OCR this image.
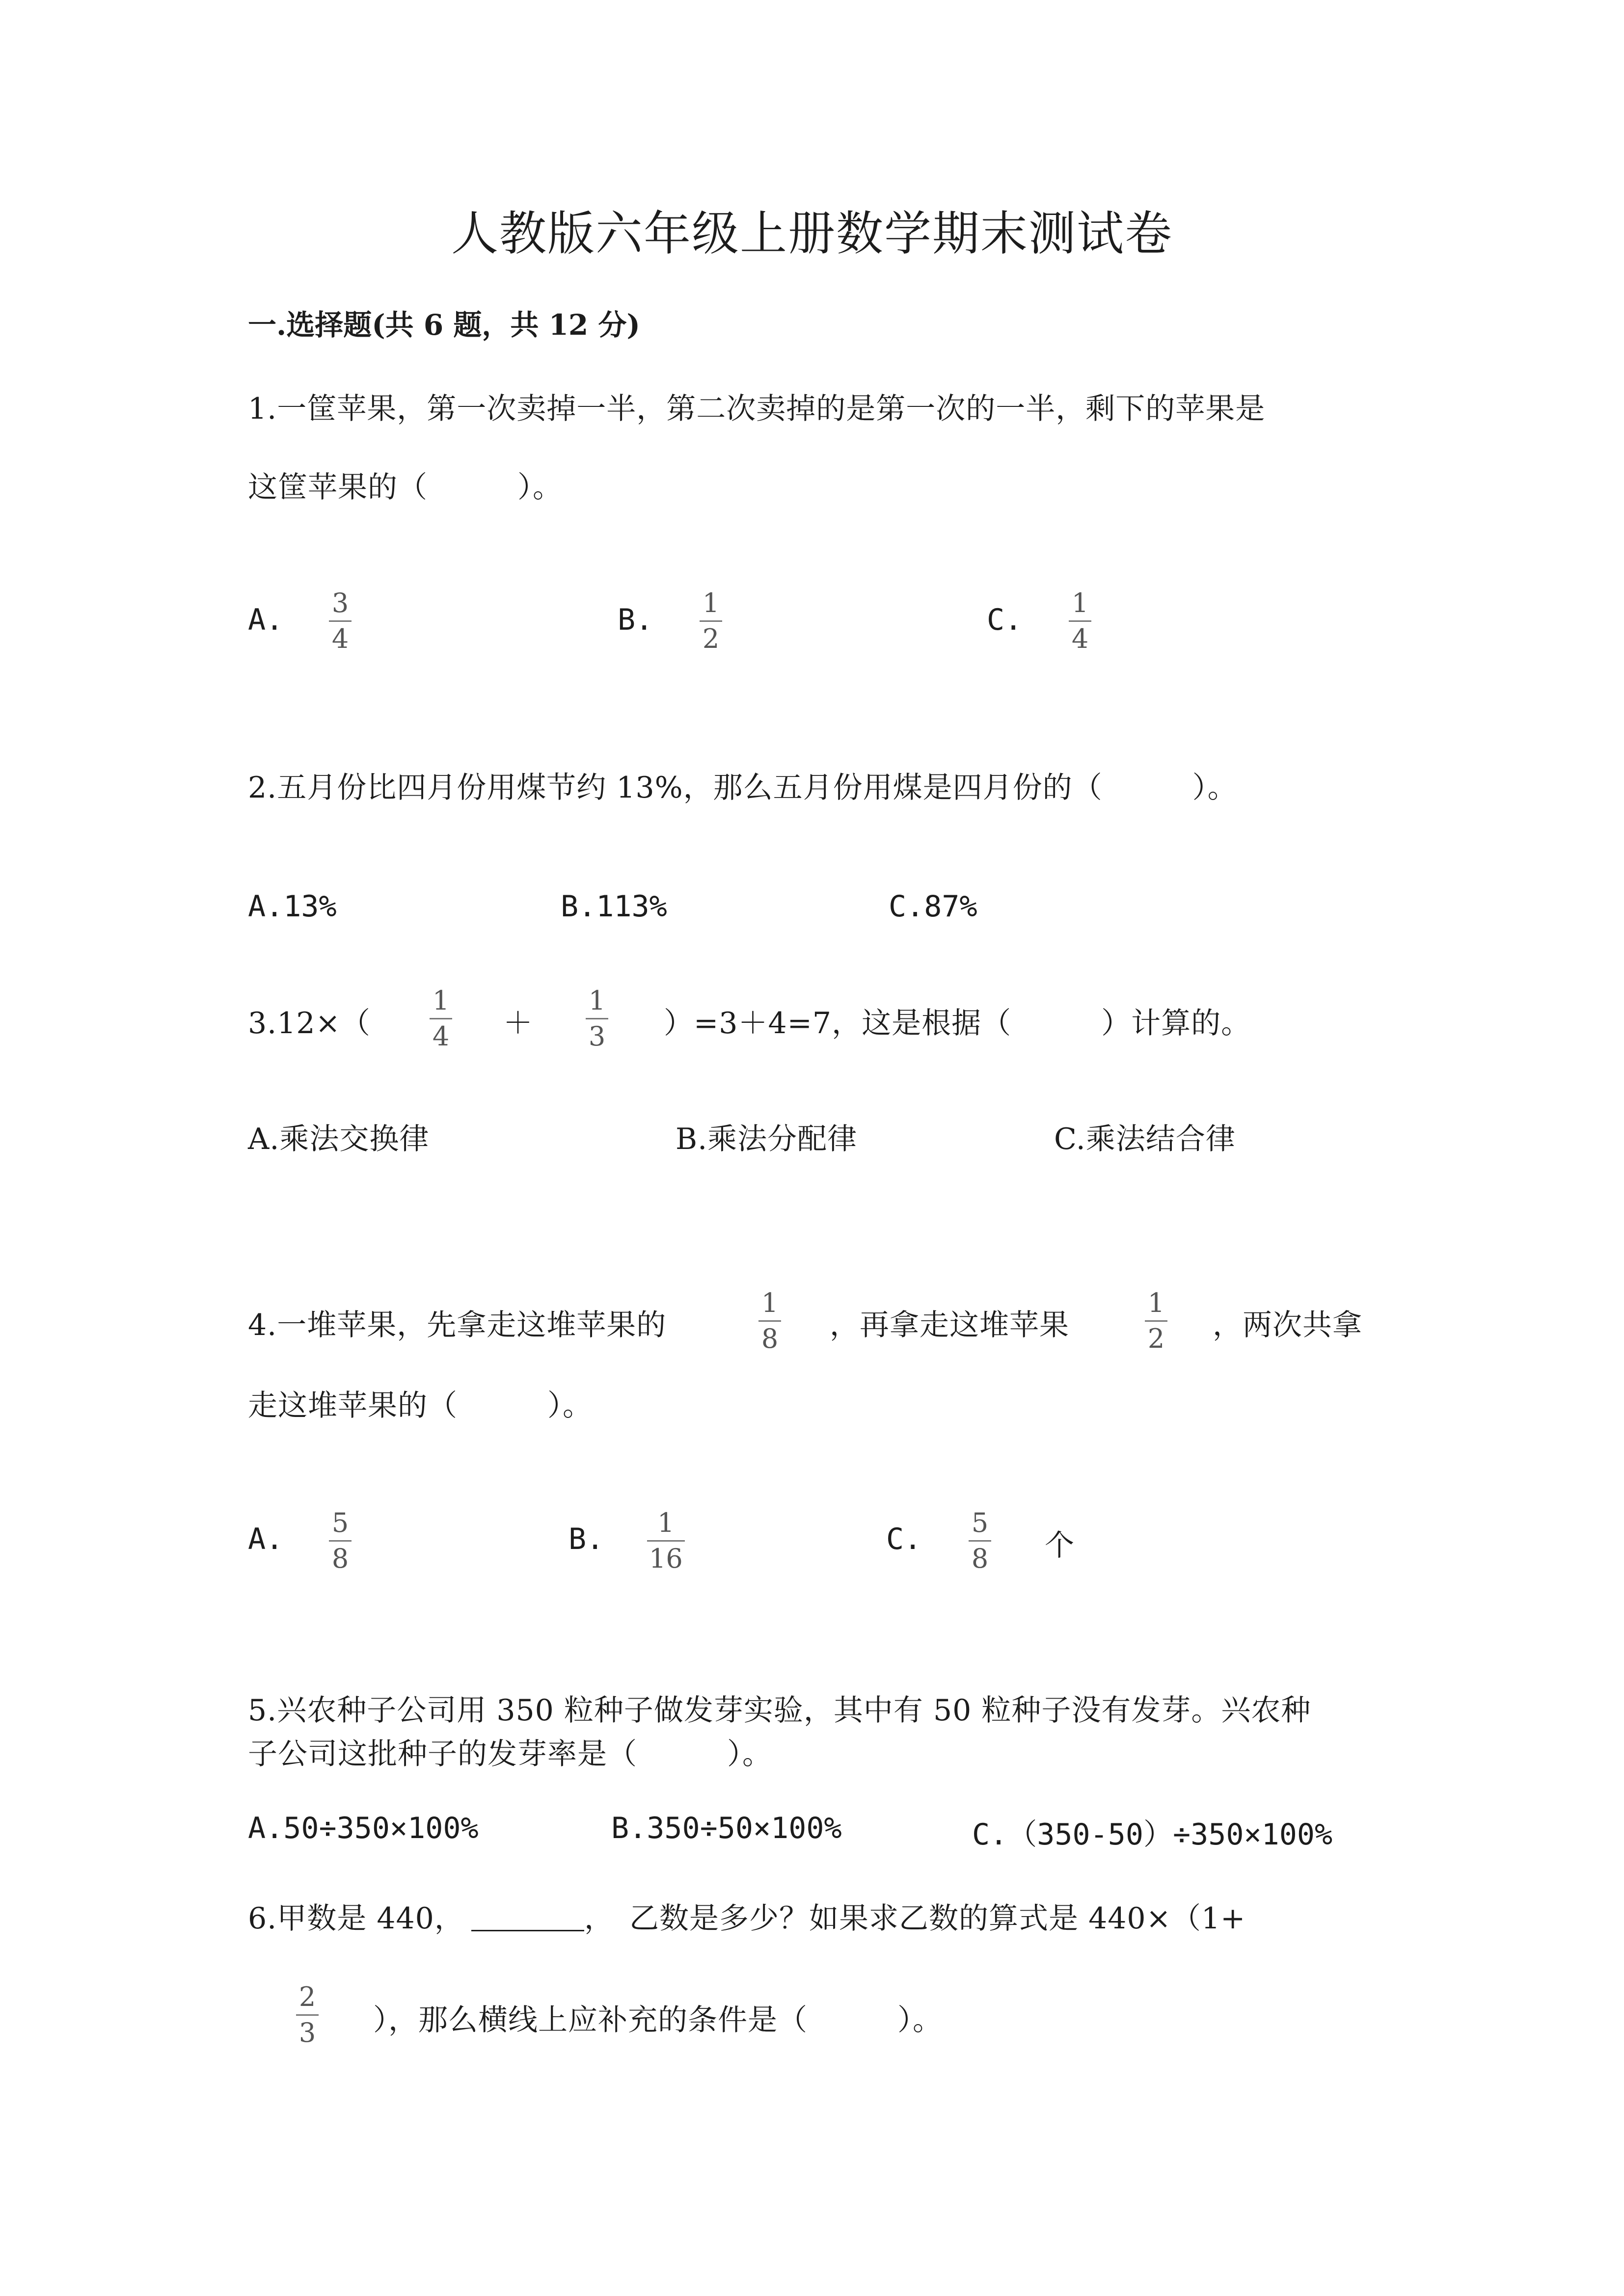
人教版六年级上册数学期末测试卷
一.选择题(共 6 题，共 12 分)
1.一筐苹果，第一次卖掉一半，第二次卖掉的是第一次的一半，剩下的苹果是
这筐苹果的（　　　）。
A. 3
4
B. 1
2
C. 1
4
2.五月份比四月份用煤节约 13%，那么五月份用煤是四月份的（　　　）。
A.13%	B.113%	C.87%
3.12×（
1
4 ＋
1
3 ）=3＋4=7，这是根据（　　　）计算的。
A.乘法交换律	B.乘法分配律	C.乘法结合律
4.一堆苹果，先拿走这堆苹果的
1
8 ，再拿走这堆苹果
1
2 ，两次共拿
走这堆苹果的（　　　）。
A. 5
8
B. 1
16
C. 5
8 个
5.兴农种子公司用 350 粒种子做发芽实验，其中有 50 粒种子没有发芽。兴农种
子公司这批种子的发芽率是（　　　）。
A.50÷350×100%	B.350÷50×100%	C.（350-50）÷350×100%
6.甲数是 440，	，　乙数是多少？如果求乙数的算式是 440×（1+
2
3 ），那么横线上应补充的条件是（　　　）。
